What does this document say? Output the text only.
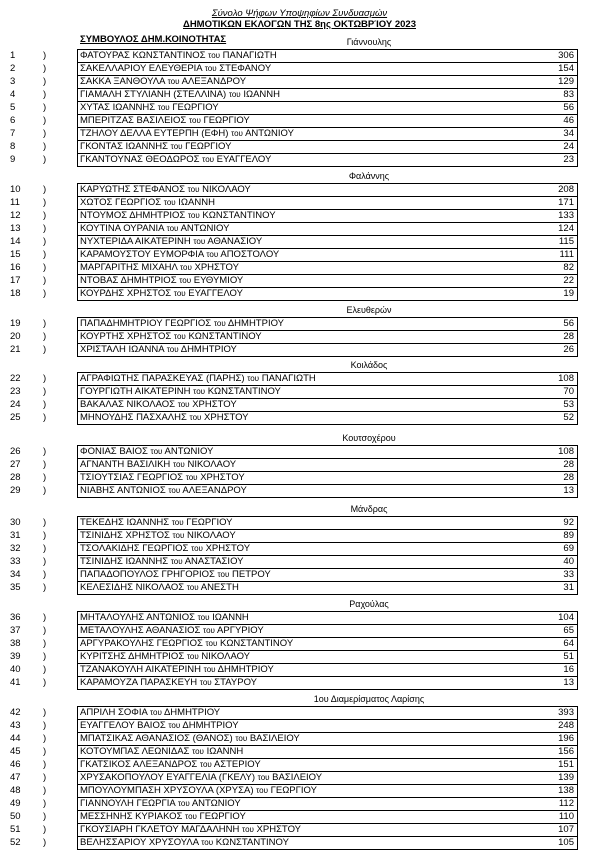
Σύνολο Ψήφων Υποψηφίων Συνδυασμών
ΔΗΜΟΤΙΚΩΝ ΕΚΛΟΓΩΝ ΤΗΣ 8ης ΟΚΤΩΒΡΊΟΥ 2023
ΣΥΜΒΟΥΛΟΣ ΔΗΜ.ΚΟΙΝΟΤΗΤΑΣ	Γιάννουλης
1	)	ΦΑΤΟΥΡΑΣ ΚΩΝΣΤΑΝΤΙΝΟΣ του ΠΑΝΑΓΙΩΤΗ	306
2	)	ΣΑΚΕΛΛΑΡΙΟΥ ΕΛΕΥΘΕΡΙΑ του ΣΤΕΦΑΝΟΥ	154
3	)	ΣΑΚΚΑ ΞΑΝΘΟΥΛΑ του ΑΛΕΞΑΝΔΡΟΥ	129
4	)	ΓΙΑΜΑΛΗ ΣΤΥΛΙΑΝΗ (ΣΤΕΛΛΙΝΑ) του ΙΩΑΝΝΗ	83
5	)	ΧΥΤΑΣ ΙΩΑΝΝΗΣ του ΓΕΩΡΓΙΟΥ	56
6	)	ΜΠΕΡΙΤΖΑΣ ΒΑΣΙΛΕΙΟΣ του ΓΕΩΡΓΙΟΥ	46
7	)	ΤΖΗΛΟΥ ΔΕΛΛΑ ΕΥΤΕΡΠΗ (ΕΦΗ) του ΑΝΤΩΝΙΟΥ	34
8	)	ΓΚΟΝΤΑΣ ΙΩΑΝΝΗΣ του ΓΕΩΡΓΙΟΥ	24
9	)	ΓΚΑΝΤΟΥΝΑΣ ΘΕΟΔΩΡΟΣ του ΕΥΑΓΓΕΛΟΥ	23
Φαλάννης
10	)	ΚΑΡΥΩΤΗΣ ΣΤΕΦΑΝΟΣ του ΝΙΚΟΛΑΟΥ	208
11	)	ΧΩΤΟΣ ΓΕΩΡΓΙΟΣ του ΙΩΑΝΝΗ	171
12	)	ΝΤΟΥΜΟΣ ΔΗΜΗΤΡΙΟΣ του ΚΩΝΣΤΑΝΤΙΝΟΥ	133
13	)	ΚΟΥΤΙΝΑ ΟΥΡΑΝΙΑ του ΑΝΤΩΝΙΟΥ	124
14	)	ΝΥΧΤΕΡΙΔΑ ΑΙΚΑΤΕΡΙΝΗ του ΑΘΑΝΑΣΙΟΥ	115
15	)	ΚΑΡΑΜΟΥΣΤΟΥ ΕΥΜΟΡΦΙΑ του ΑΠΟΣΤΟΛΟΥ	111
16	)	ΜΑΡΓΑΡΙΤΗΣ ΜΙΧΑΗΛ του ΧΡΗΣΤΟΥ	82
17	)	ΝΤΟΒΑΣ ΔΗΜΗΤΡΙΟΣ του ΕΥΘΥΜΙΟΥ	22
18	)	ΚΟΥΡΔΗΣ ΧΡΗΣΤΟΣ του ΕΥΑΓΓΕΛΟΥ	19
Ελευθερών
19	)	ΠΑΠΑΔΗΜΗΤΡΙΟΥ ΓΕΩΡΓΙΟΣ του ΔΗΜΗΤΡΙΟΥ	56
20	)	ΚΟΥΡΤΗΣ ΧΡΗΣΤΟΣ του ΚΩΝΣΤΑΝΤΙΝΟΥ	28
21	)	ΧΡΙΣΤΑΛΗ ΙΩΑΝΝΑ του ΔΗΜΗΤΡΙΟΥ	26
Κοιλάδος
22	)	ΑΓΡΑΦΙΩΤΗΣ ΠΑΡΑΣΚΕΥΑΣ (ΠΑΡΗΣ) του ΠΑΝΑΓΙΩΤΗ	108
23	)	ΓΟΥΡΓΙΩΤΗ ΑΙΚΑΤΕΡΙΝΗ του ΚΩΝΣΤΑΝΤΙΝΟΥ	70
24	)	ΒΑΚΑΛΑΣ ΝΙΚΟΛΑΟΣ του ΧΡΗΣΤΟΥ	53
25	)	ΜΗΝΟΥΔΗΣ ΠΑΣΧΑΛΗΣ του ΧΡΗΣΤΟΥ	52
Κουτσοχέρου
26	)	ΦΟΝΙΑΣ ΒΑΙΟΣ του ΑΝΤΩΝΙΟΥ	108
27	)	ΑΓΝΑΝΤΗ ΒΑΣΙΛΙΚΗ του ΝΙΚΟΛΑΟΥ	28
28	)	ΤΣΙΟΥΤΣΙΑΣ ΓΕΩΡΓΙΟΣ του ΧΡΗΣΤΟΥ	28
29	)	ΝΙΑΒΗΣ ΑΝΤΩΝΙΟΣ του ΑΛΕΞΑΝΔΡΟΥ	13
Μάνδρας
30	)	ΤΕΚΕΔΗΣ ΙΩΑΝΝΗΣ του ΓΕΩΡΓΙΟΥ	92
31	)	ΤΣΙΝΙΔΗΣ ΧΡΗΣΤΟΣ του ΝΙΚΟΛΑΟΥ	89
32	)	ΤΣΟΛΑΚΙΔΗΣ ΓΕΩΡΓΙΟΣ του ΧΡΗΣΤΟΥ	69
33	)	ΤΣΙΝΙΔΗΣ ΙΩΑΝΝΗΣ του ΑΝΑΣΤΑΣΙΟΥ	40
34	)	ΠΑΠΑΔΟΠΟΥΛΟΣ ΓΡΗΓΟΡΙΟΣ του ΠΕΤΡΟΥ	33
35	)	ΚΕΛΕΣΙΔΗΣ ΝΙΚΟΛΑΟΣ του ΑΝΕΣΤΗ	31
Ραχούλας
36	)	ΜΗΤΑΛΟΥΛΗΣ ΑΝΤΩΝΙΟΣ του ΙΩΑΝΝΗ	104
37	)	ΜΕΤΑΛΟΥΛΗΣ ΑΘΑΝΑΣΙΟΣ του ΑΡΓΥΡΙΟΥ	65
38	)	ΑΡΓΥΡΑΚΟΥΛΗΣ ΓΕΩΡΓΙΟΣ του ΚΩΝΣΤΑΝΤΙΝΟΥ	64
39	)	ΚΥΡΙΤΣΗΣ ΔΗΜΗΤΡΙΟΣ του ΝΙΚΟΛΑΟΥ	51
40	)	ΤΖΑΝΑΚΟΥΛΗ ΑΙΚΑΤΕΡΙΝΗ του ΔΗΜΗΤΡΙΟΥ	16
41	)	ΚΑΡΑΜΟΥΖΑ ΠΑΡΑΣΚΕΥΗ του ΣΤΑΥΡΟΥ	13
1ου Διαμερίσματος Λαρίσης
42	)	ΑΠΡΙΛΗ ΣΟΦΙΑ του ΔΗΜΗΤΡΙΟΥ	393
43	)	ΕΥΑΓΓΕΛΟΥ ΒΑΙΟΣ του ΔΗΜΗΤΡΙΟΥ	248
44	)	ΜΠΑΤΣΙΚΑΣ ΑΘΑΝΑΣΙΟΣ (ΘΑΝΟΣ) του ΒΑΣΙΛΕΙΟΥ	196
45	)	ΚΟΤΟΥΜΠΑΣ ΛΕΩΝΙΔΑΣ του ΙΩΑΝΝΗ	156
46	)	ΓΚΑΤΣΙΚΟΣ ΑΛΕΞΑΝΔΡΟΣ του ΑΣΤΕΡΙΟΥ	151
47	)	ΧΡΥΣΑΚΟΠΟΥΛΟΥ ΕΥΑΓΓΕΛΙΑ (ΓΚΕΛΥ) του ΒΑΣΙΛΕΙΟΥ	139
48	)	ΜΠΟΥΛΟΥΜΠΑΣΗ ΧΡΥΣΟΥΛΑ (ΧΡΥΣΑ) του ΓΕΩΡΓΙΟΥ	138
49	)	ΓΙΑΝΝΟΥΛΗ ΓΕΩΡΓΙΑ του ΑΝΤΩΝΙΟΥ	112
50	)	ΜΕΣΣΗΝΗΣ ΚΥΡΙΑΚΟΣ του ΓΕΩΡΓΙΟΥ	110
51	)	ΓΚΟΥΣΙΑΡΗ ΓΚΛΕΤΟΥ ΜΑΓΔΑΛΗΝΗ του ΧΡΗΣΤΟΥ	107
52	)	ΒΕΛΗΣΣΑΡΙΟΥ ΧΡΥΣΟΥΛΑ του ΚΩΝΣΤΑΝΤΙΝΟΥ	105
